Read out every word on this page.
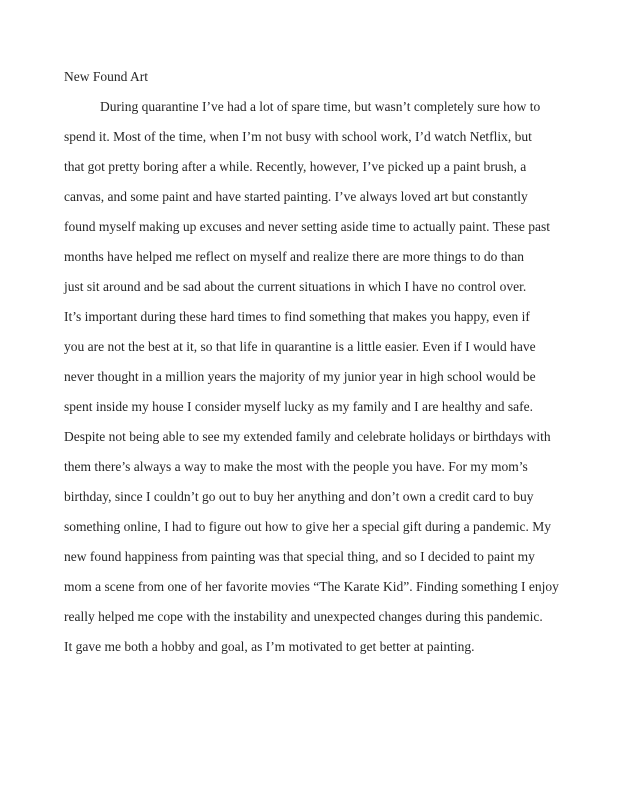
New Found Art
During quarantine I’ve had a lot of spare time, but wasn’t completely sure how to
spend it. Most of the time, when I’m not busy with school work, I’d watch Netflix, but
that got pretty boring after a while. Recently, however, I’ve picked up a paint brush, a
canvas, and some paint and have started painting. I’ve always loved art but constantly
found myself making up excuses and never setting aside time to actually paint. These past
months have helped me reflect on myself and realize there are more things to do than
just sit around and be sad about the current situations in which I have no control over.
It’s important during these hard times to find something that makes you happy, even if
you are not the best at it, so that life in quarantine is a little easier. Even if I would have
never thought in a million years the majority of my junior year in high school would be
spent inside my house I consider myself lucky as my family and I are healthy and safe.
Despite not being able to see my extended family and celebrate holidays or birthdays with
them there’s always a way to make the most with the people you have. For my mom’s
birthday, since I couldn’t go out to buy her anything and don’t own a credit card to buy
something online, I had to figure out how to give her a special gift during a pandemic. My
new found happiness from painting was that special thing, and so I decided to paint my
mom a scene from one of her favorite movies “The Karate Kid”. Finding something I enjoy
really helped me cope with the instability and unexpected changes during this pandemic.
It gave me both a hobby and goal, as I’m motivated to get better at painting.
